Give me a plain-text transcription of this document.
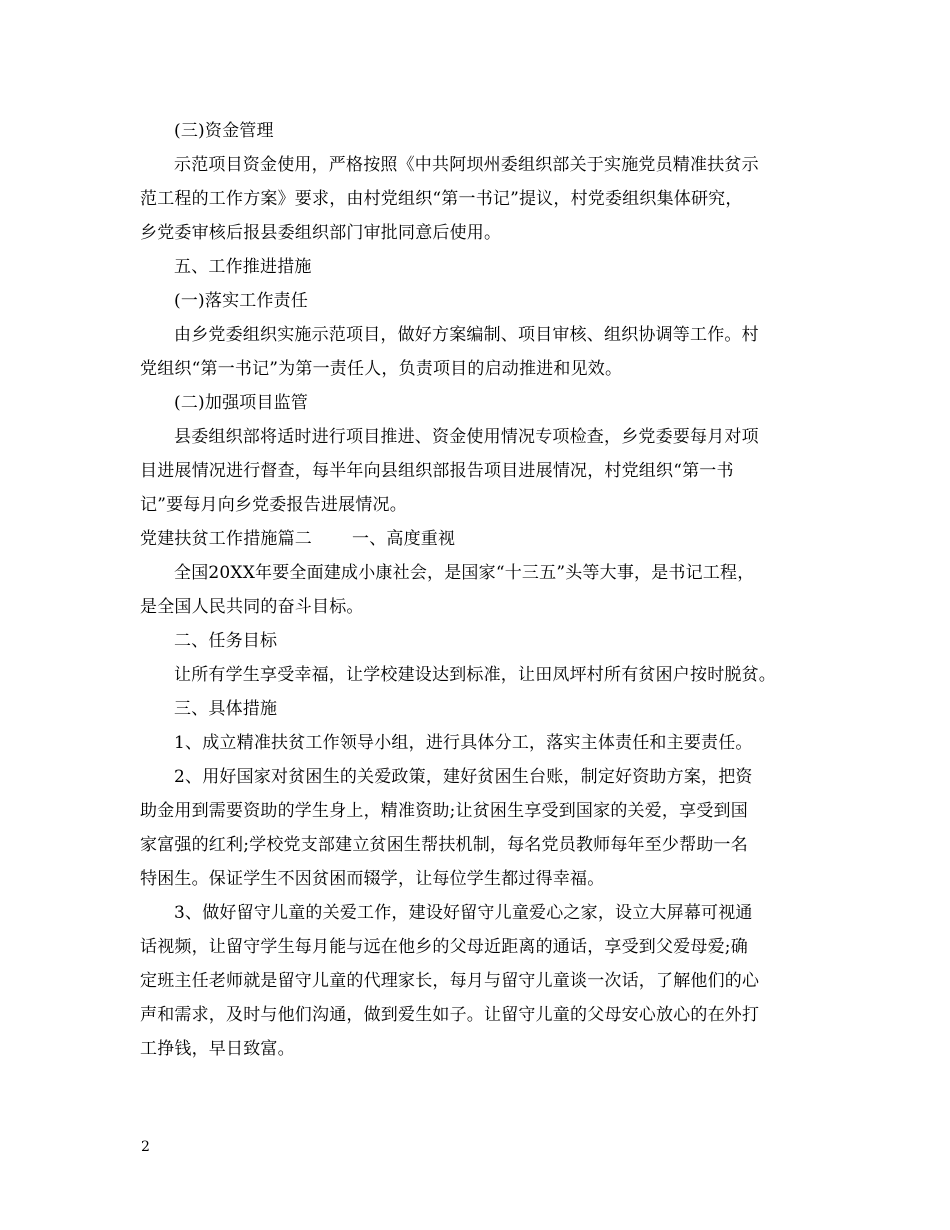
(三)资金管理
示范项目资金使用，严格按照《中共阿坝州委组织部关于实施党员精准扶贫示
范工程的工作方案》要求，由村党组织“第一书记”提议，村党委组织集体研究，
乡党委审核后报县委组织部门审批同意后使用。
五、工作推进措施
(一)落实工作责任
由乡党委组织实施示范项目，做好方案编制、项目审核、组织协调等工作。村
党组织“第一书记”为第一责任人，负责项目的启动推进和见效。
(二)加强项目监管
县委组织部将适时进行项目推进、资金使用情况专项检查，乡党委要每月对项
目进展情况进行督查，每半年向县组织部报告项目进展情况，村党组织“第一书
记”要每月向乡党委报告进展情况。
党建扶贫工作措施篇二 一、高度重视
全国20XX年要全面建成小康社会，是国家“十三五”头等大事，是书记工程，
是全国人民共同的奋斗目标。
二、任务目标
让所有学生享受幸福，让学校建设达到标准，让田凤坪村所有贫困户按时脱贫。
三、具体措施
1、成立精准扶贫工作领导小组，进行具体分工，落实主体责任和主要责任。
2、用好国家对贫困生的关爱政策，建好贫困生台账，制定好资助方案，把资
助金用到需要资助的学生身上，精准资助;让贫困生享受到国家的关爱，享受到国
家富强的红利;学校党支部建立贫困生帮扶机制，每名党员教师每年至少帮助一名
特困生。保证学生不因贫困而辍学，让每位学生都过得幸福。
3、做好留守儿童的关爱工作，建设好留守儿童爱心之家，设立大屏幕可视通
话视频，让留守学生每月能与远在他乡的父母近距离的通话，享受到父爱母爱;确
定班主任老师就是留守儿童的代理家长，每月与留守儿童谈一次话，了解他们的心
声和需求，及时与他们沟通，做到爱生如子。让留守儿童的父母安心放心的在外打
工挣钱，早日致富。
2
